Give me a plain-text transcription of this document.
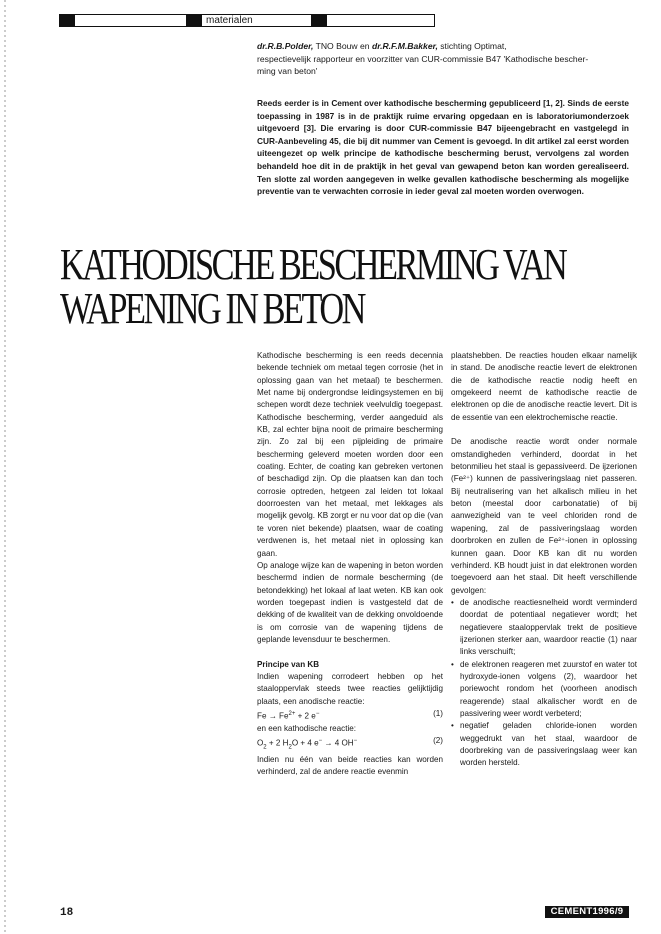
materialen
dr.R.B.Polder, TNO Bouw en dr.R.F.M.Bakker, stichting Optimat,
respectievelijk rapporteur en voorzitter van CUR-commissie B47 'Kathodische bescher-
ming van beton'
Reeds eerder is in Cement over kathodische bescherming gepubliceerd [1, 2]. Sinds de eerste toepassing in 1987 is in de praktijk ruime ervaring opgedaan en is laboratoriumonderzoek uitgevoerd [3]. Die ervaring is door CUR-commissie B47 bijeengebracht en vastgelegd in CUR-Aanbeveling 45, die bij dit nummer van Cement is gevoegd. In dit artikel zal eerst worden uiteengezet op welk principe de kathodische bescherming berust, vervolgens zal worden behandeld hoe dit in de praktijk in het geval van gewapend beton kan worden gerealiseerd. Ten slotte zal worden aangegeven in welke gevallen kathodische bescherming als mogelijke preventie van te verwachten corrosie in ieder geval zal moeten worden overwogen.
KATHODISCHE BESCHERMING VAN
WAPENING IN BETON

Kathodische bescherming is een reeds decennia bekende techniek om metaal tegen corrosie (het in oplossing gaan van het metaal) te beschermen. Met name bij ondergrondse leidingsystemen en bij schepen wordt deze techniek veelvuldig toegepast. Kathodische bescherming, verder aangeduid als KB, zal echter bijna nooit de primaire bescherming zijn. Zo zal bij een pijpleiding de primaire bescherming geleverd moeten worden door een coating. Echter, de coating kan gebreken vertonen of beschadigd zijn. Op die plaatsen kan dan toch corrosie optreden, hetgeen zal leiden tot lokaal doorroesten van het metaal, met lekkages als mogelijk gevolg. KB zorgt er nu voor dat op die (van te voren niet bekende) plaatsen, waar de coating verdwenen is, het metaal niet in oplossing kan gaan.

Op analoge wijze kan de wapening in beton worden beschermd indien de normale bescherming (de betondekking) het lokaal af laat weten. KB kan ook worden toegepast indien is vastgesteld dat de dekking of de kwaliteit van de dekking onvoldoende is om corrosie van de wapening tijdens de geplande levensduur te beschermen.

Principe van KB

Indien wapening corrodeert hebben op het staaloppervlak steeds twee reacties gelijktijdig plaats, een anodische reactie:

$Fe \to Fe^{2+} + 2$ e−	(1)

en een kathodische reactie:

$O_2 + 2$ $H_2O + 4$ e− → 4 OH−	(2)

Indien nu één van beide reacties kan worden verhinderd, zal de andere reactie evenmin

plaatshebben. De reacties houden elkaar namelijk in stand. De anodische reactie levert de elektronen die de kathodische reactie nodig heeft en omgekeerd neemt de kathodische reactie de elektronen op die de anodische reactie levert. Dit is de essentie van een elektrochemische reactie.

De anodische reactie wordt onder normale omstandigheden verhinderd, doordat in het betonmilieu het staal is gepassiveerd. De ijzerionen (Fe²⁺) kunnen de passiveringslaag niet passeren. Bij neutralisering van het alkalisch milieu in het beton (meestal door carbonatatie) of bij aanwezigheid van te veel chloriden rond de wapening, zal de passiveringslaag worden doorbroken en zullen de Fe²⁺-ionen in oplossing kunnen gaan. Door KB kan dit nu worden verhinderd. KB houdt juist in dat elektronen worden toegevoerd aan het staal. Dit heeft verschillende gevolgen:

• de anodische reactiesnelheid wordt verminderd doordat de potentiaal negatiever wordt; het negatievere staaloppervlak trekt de positieve ijzerionen sterker aan, waardoor reactie (1) naar links verschuift;
• de elektronen reageren met zuurstof en water tot hydroxyde-ionen volgens (2), waardoor het poriewocht rondom het (voorheen anodisch reagerende) staal alkalischer wordt en de passivering weer wordt verbeterd;
• negatief geladen chloride-ionen worden weggedrukt van het staal, waardoor de doorbreking van de passiveringslaag weer kan worden hersteld.
18	CEMENT1996/9
